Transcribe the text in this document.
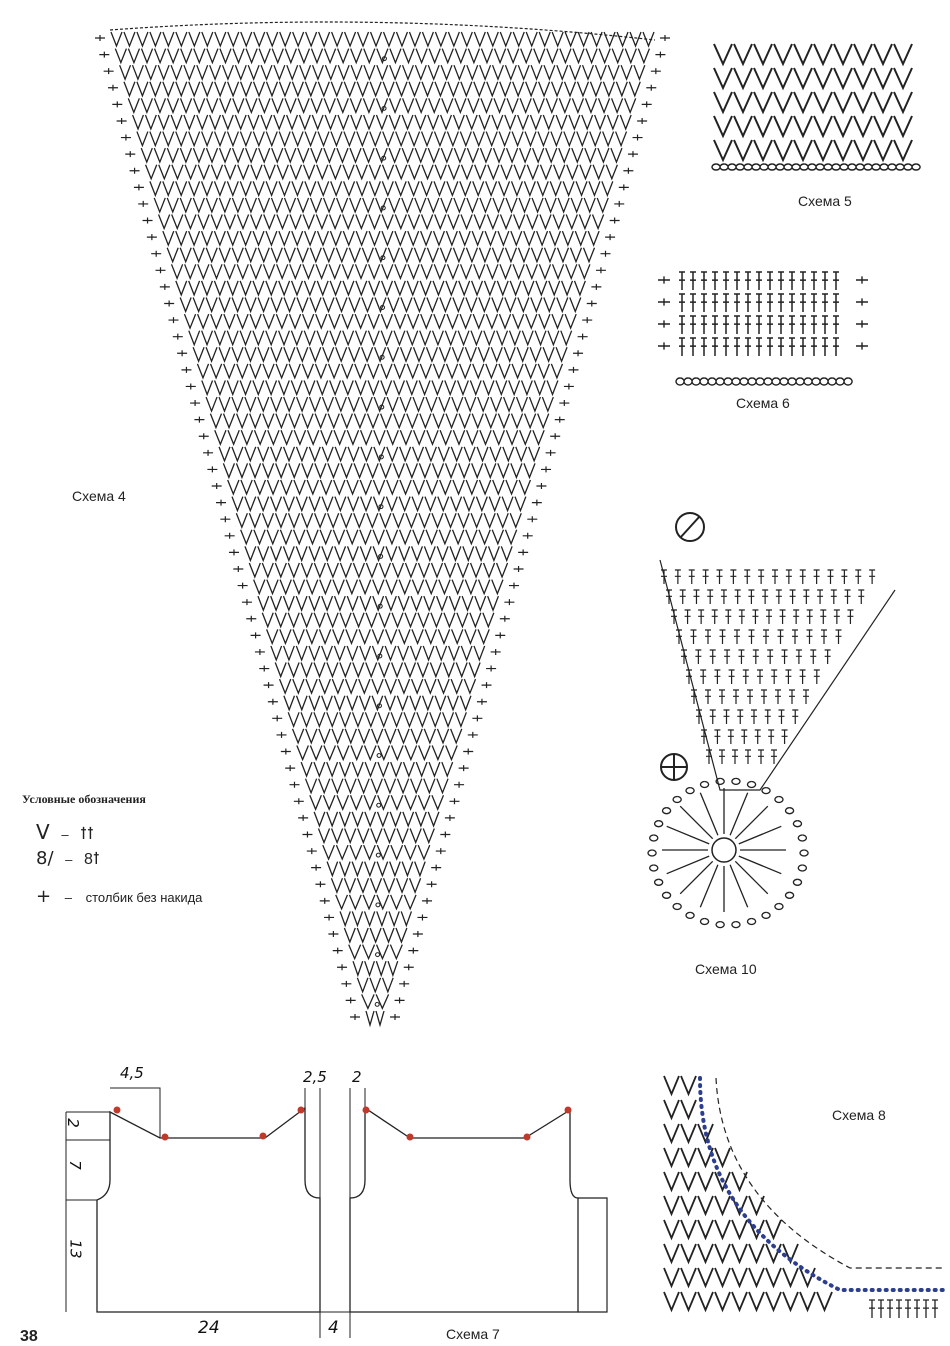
Схема 4
Схема 5
Схема 6
Схема 10
Схема 8
Схема 7
Условные обозначения
V – ꝉꝉ
8/ – 8ꝉ
+ – столбик без накида
4,5	2,5 2
2
7
13
24	4
38
